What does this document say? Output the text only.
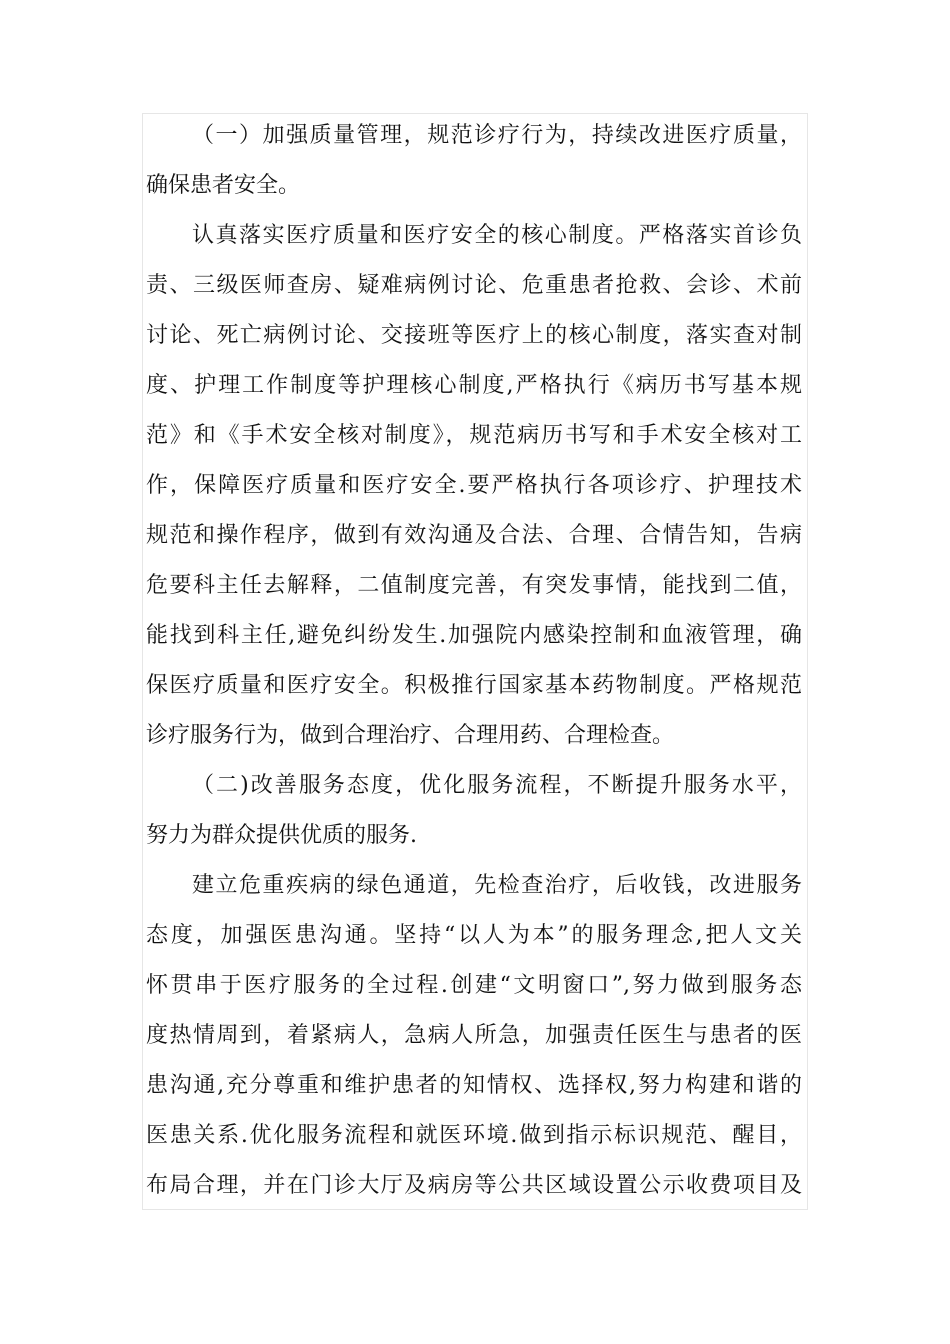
（一）加强质量管理，规范诊疗行为，持续改进医疗质量，
确保患者安全。
认真落实医疗质量和医疗安全的核心制度。严格落实首诊负
责、三级医师查房、疑难病例讨论、危重患者抢救、会诊、术前
讨论、死亡病例讨论、交接班等医疗上的核心制度，落实查对制
度、护理工作制度等护理核心制度,严格执行《病历书写基本规
范》和《手术安全核对制度》，规范病历书写和手术安全核对工
作，保障医疗质量和医疗安全.要严格执行各项诊疗、护理技术
规范和操作程序，做到有效沟通及合法、合理、合情告知，告病
危要科主任去解释，二值制度完善，有突发事情，能找到二值，
能找到科主任,避免纠纷发生.加强院内感染控制和血液管理，确
保医疗质量和医疗安全。积极推行国家基本药物制度。严格规范
诊疗服务行为，做到合理治疗、合理用药、合理检查。
（二)改善服务态度，优化服务流程，不断提升服务水平，
努力为群众提供优质的服务.
建立危重疾病的绿色通道，先检查治疗，后收钱，改进服务
态度，加强医患沟通。坚持“以人为本”的服务理念,把人文关
怀贯串于医疗服务的全过程.创建“文明窗口”,努力做到服务态
度热情周到，着紧病人，急病人所急，加强责任医生与患者的医
患沟通,充分尊重和维护患者的知情权、选择权,努力构建和谐的
医患关系.优化服务流程和就医环境.做到指示标识规范、醒目，
布局合理，并在门诊大厅及病房等公共区域设置公示收费项目及
